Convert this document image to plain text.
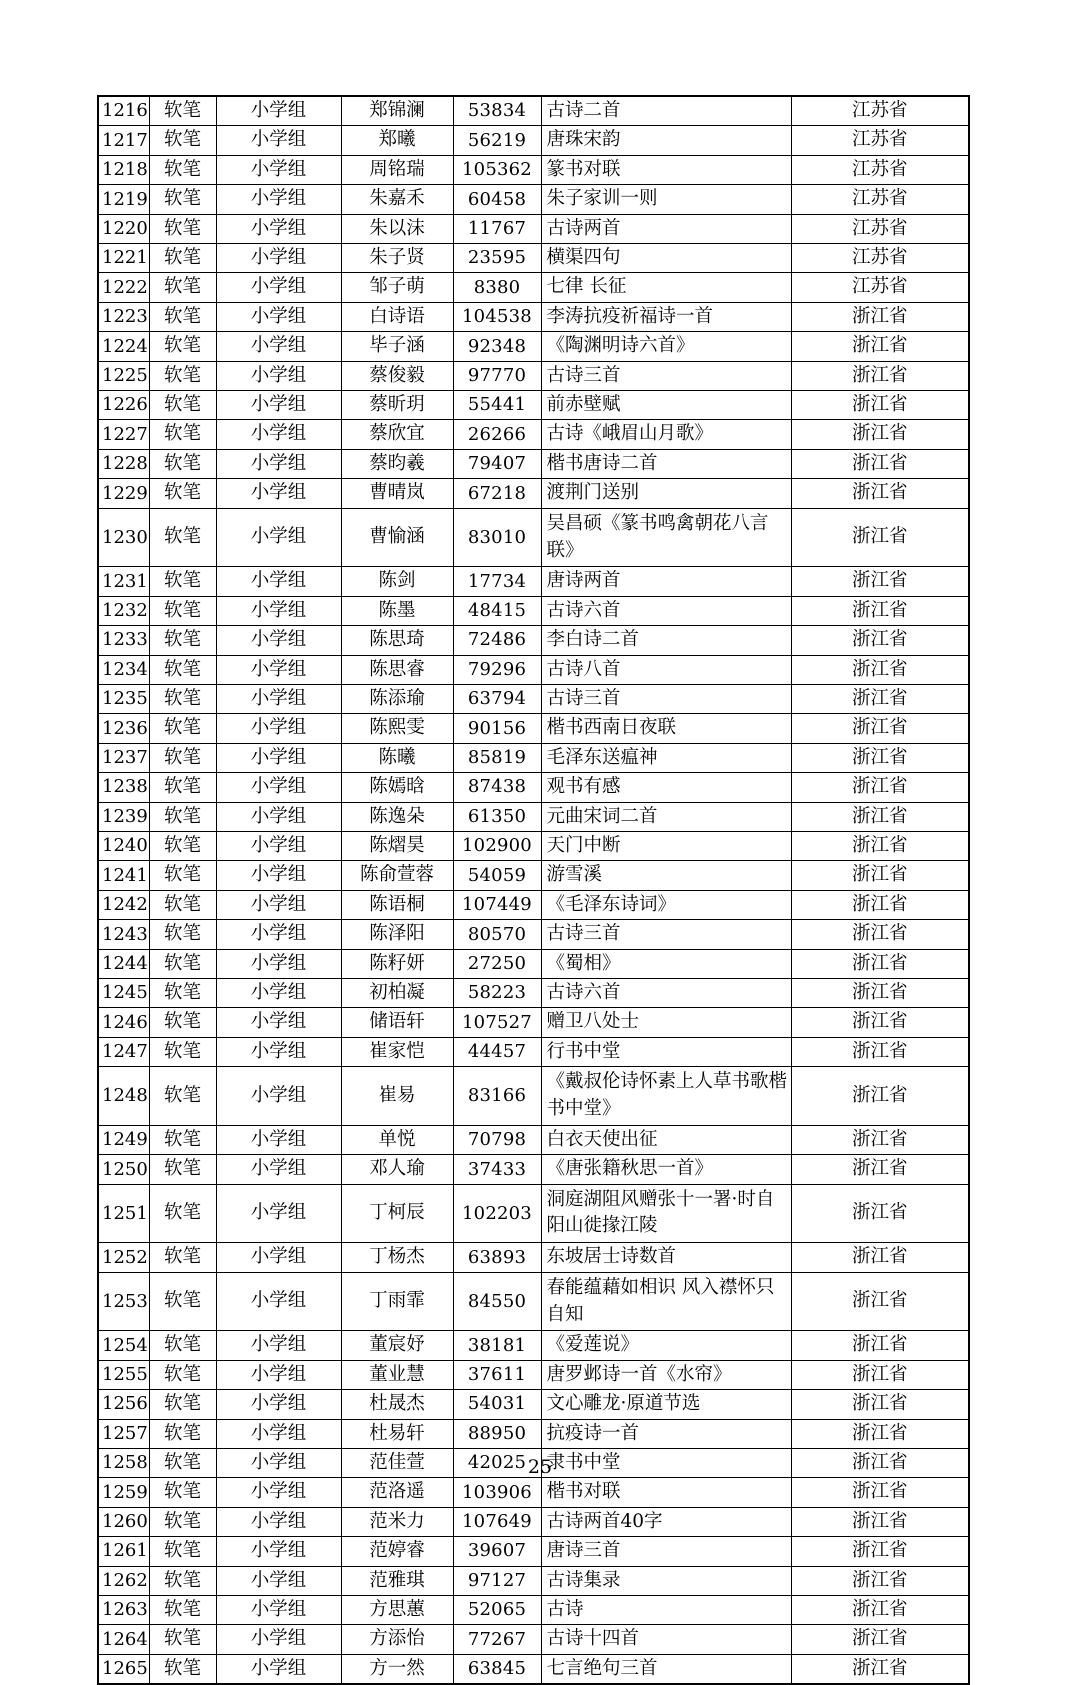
1216	软笔	小学组	郑锦澜	53834	古诗二首	江苏省
1217	软笔	小学组	郑曦	56219	唐珠宋韵	江苏省
1218	软笔	小学组	周铭瑞	105362	篆书对联	江苏省
1219	软笔	小学组	朱嘉禾	60458	朱子家训一则	江苏省
1220	软笔	小学组	朱以沫	11767	古诗两首	江苏省
1221	软笔	小学组	朱子贤	23595	横渠四句	江苏省
1222	软笔	小学组	邹子萌	8380	七律 长征	江苏省
1223	软笔	小学组	白诗语	104538	李涛抗疫祈福诗一首	浙江省
1224	软笔	小学组	毕子涵	92348	《陶渊明诗六首》	浙江省
1225	软笔	小学组	蔡俊毅	97770	古诗三首	浙江省
1226	软笔	小学组	蔡昕玥	55441	前赤壁赋	浙江省
1227	软笔	小学组	蔡欣宜	26266	古诗《峨眉山月歌》	浙江省
1228	软笔	小学组	蔡昀羲	79407	楷书唐诗二首	浙江省
1229	软笔	小学组	曹晴岚	67218	渡荆门送别	浙江省
1230	软笔	小学组	曹愉涵	83010	吴昌硕《篆书鸣禽朝花八言联》	浙江省
1231	软笔	小学组	陈剑	17734	唐诗两首	浙江省
1232	软笔	小学组	陈墨	48415	古诗六首	浙江省
1233	软笔	小学组	陈思琦	72486	李白诗二首	浙江省
1234	软笔	小学组	陈思睿	79296	古诗八首	浙江省
1235	软笔	小学组	陈添瑜	63794	古诗三首	浙江省
1236	软笔	小学组	陈熙雯	90156	楷书西南日夜联	浙江省
1237	软笔	小学组	陈曦	85819	毛泽东送瘟神	浙江省
1238	软笔	小学组	陈嫣晗	87438	观书有感	浙江省
1239	软笔	小学组	陈逸朵	61350	元曲宋词二首	浙江省
1240	软笔	小学组	陈熠昊	102900	天门中断	浙江省
1241	软笔	小学组	陈俞萱蓉	54059	游雪溪	浙江省
1242	软笔	小学组	陈语桐	107449	《毛泽东诗词》	浙江省
1243	软笔	小学组	陈泽阳	80570	古诗三首	浙江省
1244	软笔	小学组	陈籽妍	27250	《蜀相》	浙江省
1245	软笔	小学组	初柏凝	58223	古诗六首	浙江省
1246	软笔	小学组	储语轩	107527	赠卫八处士	浙江省
1247	软笔	小学组	崔家恺	44457	行书中堂	浙江省
1248	软笔	小学组	崔易	83166	《戴叔伦诗怀素上人草书歌楷书中堂》	浙江省
1249	软笔	小学组	单悦	70798	白衣天使出征	浙江省
1250	软笔	小学组	邓人瑜	37433	《唐张籍秋思一首》	浙江省
1251	软笔	小学组	丁柯辰	102203	洞庭湖阻风赠张十一署·时自阳山徙掾江陵	浙江省
1252	软笔	小学组	丁杨杰	63893	东坡居士诗数首	浙江省
1253	软笔	小学组	丁雨霏	84550	春能蕴藉如相识 风入襟怀只自知	浙江省
1254	软笔	小学组	董宸妤	38181	《爱莲说》	浙江省
1255	软笔	小学组	董业慧	37611	唐罗邺诗一首《水帘》	浙江省
1256	软笔	小学组	杜晟杰	54031	文心雕龙·原道节选	浙江省
1257	软笔	小学组	杜易轩	88950	抗疫诗一首	浙江省
1258	软笔	小学组	范佳萱	42025	隶书中堂	浙江省
1259	软笔	小学组	范洛遥	103906	楷书对联	浙江省
1260	软笔	小学组	范米力	107649	古诗两首40字	浙江省
1261	软笔	小学组	范婷睿	39607	唐诗三首	浙江省
1262	软笔	小学组	范雅琪	97127	古诗集录	浙江省
1263	软笔	小学组	方思蕙	52065	古诗	浙江省
1264	软笔	小学组	方添怡	77267	古诗十四首	浙江省
1265	软笔	小学组	方一然	63845	七言绝句三首	浙江省
25
